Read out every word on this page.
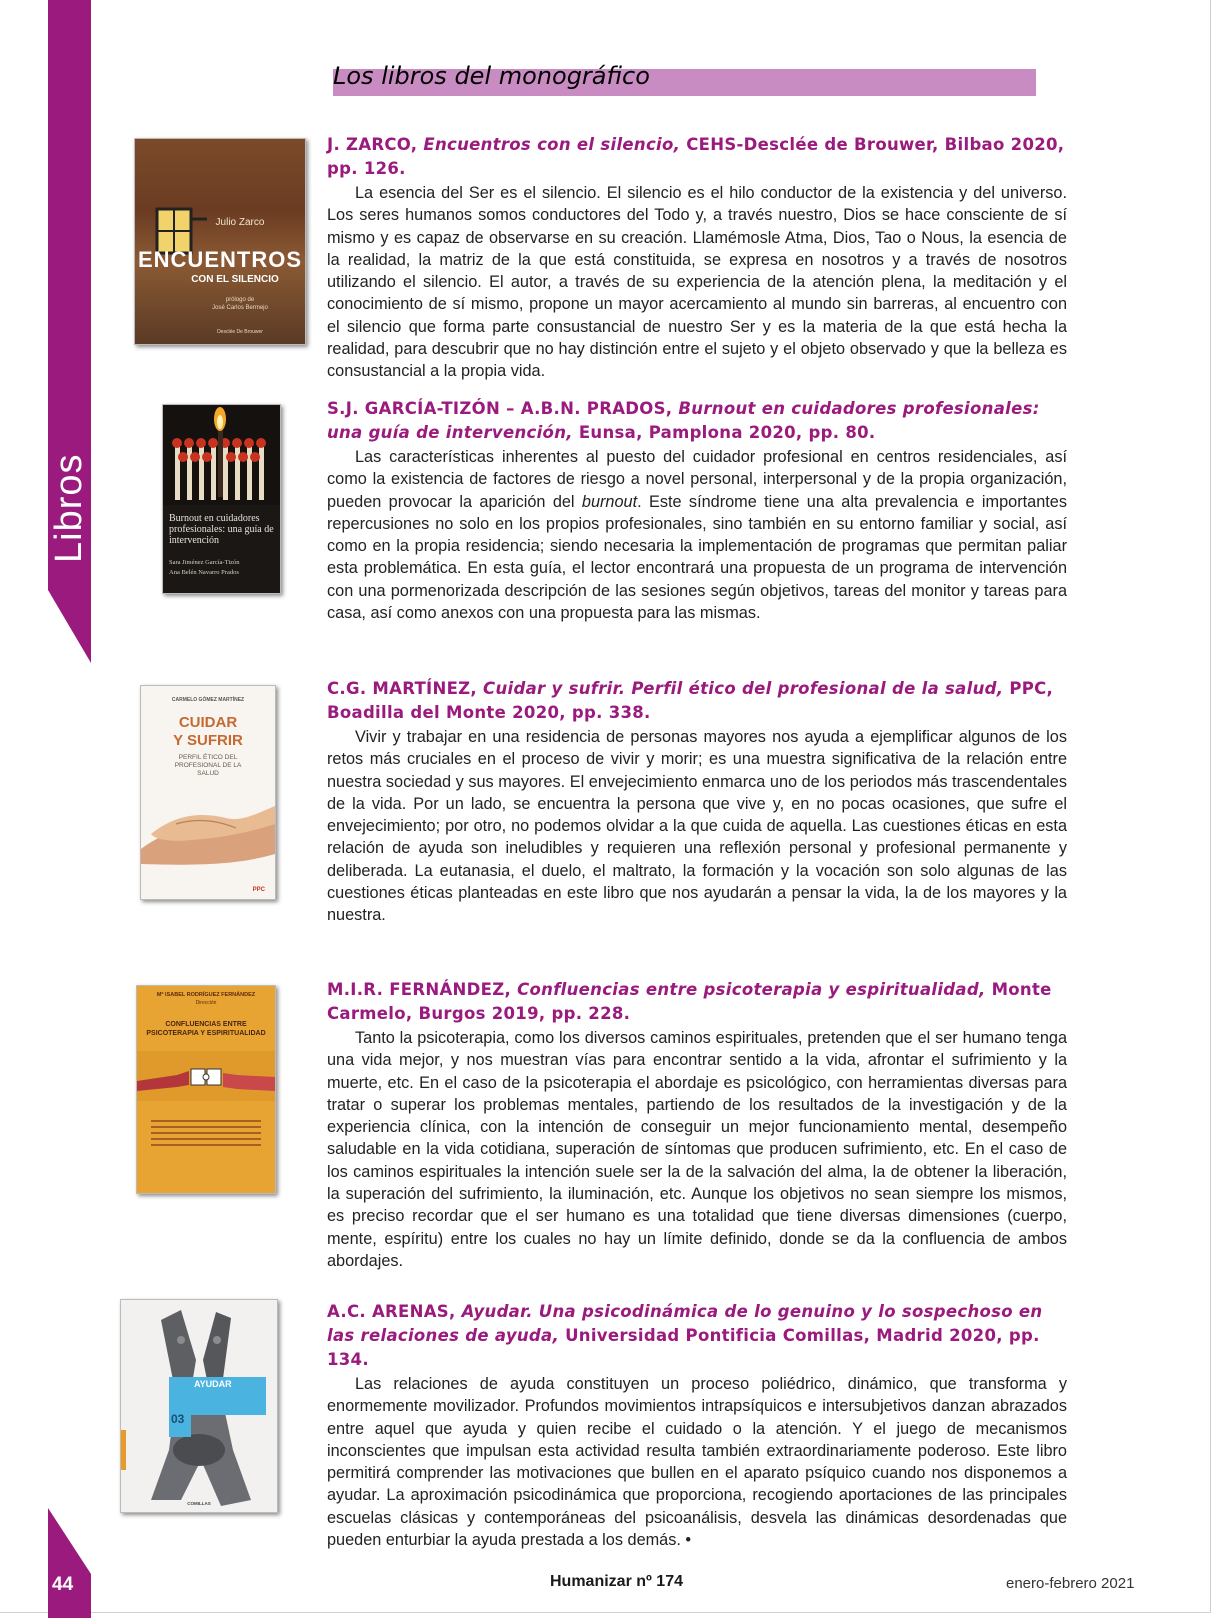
Libros
44
Los libros del monográfico
Julio Zarco
ENCUENTROS
CON EL SILENCIO
prólogo de
José Carlos Bermejo
Desclée De Brouwer
Burnout en cuidadores profesionales: una guía de intervención
Sara Jiménez García-Tizón
Ana Belén Navarro Prados
CARMELO GÓMEZ MARTÍNEZ
CUIDAR
Y SUFRIR
PERFIL ÉTICO DEL PROFESIONAL DE LA SALUD
PPC
Mª ISABEL RODRÍGUEZ FERNÁNDEZ
Dirección
CONFLUENCIAS ENTRE
PSICOTERAPIA Y ESPIRITUALIDAD
AYUDAR
03
COMILLAS

J. ZARCO, Encuentros con el silencio, CEHS-Desclée de Brouwer, Bilbao 2020, pp. 126.

La esencia del Ser es el silencio. El silencio es el hilo conductor de la existencia y del universo. Los seres humanos somos conductores del Todo y, a través nuestro, Dios se hace consciente de sí mismo y es capaz de observarse en su creación. Llamémosle Atma, Dios, Tao o Nous, la esencia de la realidad, la matriz de la que está constituida, se expresa en nosotros y a través de nosotros utilizando el silencio. El autor, a través de su experiencia de la atención plena, la meditación y el conocimiento de sí mismo, propone un mayor acercamiento al mundo sin barreras, al encuentro con el silencio que forma parte consustancial de nuestro Ser y es la materia de la que está hecha la realidad, para descubrir que no hay distinción entre el sujeto y el objeto observado y que la belleza es consustancial a la propia vida.

S.J. GARCÍA-TIZÓN – A.B.N. PRADOS, Burnout en cuidadores profesionales: una guía de intervención, Eunsa, Pamplona 2020, pp. 80.

Las características inherentes al puesto del cuidador profesional en centros residenciales, así como la existencia de factores de riesgo a novel personal, interpersonal y de la propia organización, pueden provocar la aparición del burnout. Este síndrome tiene una alta prevalencia e importantes repercusiones no solo en los propios profesionales, sino también en su entorno familiar y social, así como en la propia residencia; siendo necesaria la implementación de programas que permitan paliar esta problemática. En esta guía, el lector encontrará una propuesta de un programa de intervención con una pormenorizada descripción de las sesiones según objetivos, tareas del monitor y tareas para casa, así como anexos con una propuesta para las mismas.

C.G. MARTÍNEZ, Cuidar y sufrir. Perfil ético del profesional de la salud, PPC, Boadilla del Monte 2020, pp. 338.

Vivir y trabajar en una residencia de personas mayores nos ayuda a ejemplificar algunos de los retos más cruciales en el proceso de vivir y morir; es una muestra significativa de la relación entre nuestra sociedad y sus mayores. El envejecimiento enmarca uno de los periodos más trascendentales de la vida. Por un lado, se encuentra la persona que vive y, en no pocas ocasiones, que sufre el envejecimiento; por otro, no podemos olvidar a la que cuida de aquella. Las cuestiones éticas en esta relación de ayuda son ineludibles y requieren una reflexión personal y profesional permanente y deliberada. La eutanasia, el duelo, el maltrato, la formación y la vocación son solo algunas de las cuestiones éticas planteadas en este libro que nos ayudarán a pensar la vida, la de los mayores y la nuestra.

M.I.R. FERNÁNDEZ, Confluencias entre psicoterapia y espiritualidad, Monte Carmelo, Burgos 2019, pp. 228.

Tanto la psicoterapia, como los diversos caminos espirituales, pretenden que el ser humano tenga una vida mejor, y nos muestran vías para encontrar sentido a la vida, afrontar el sufrimiento y la muerte, etc. En el caso de la psicoterapia el abordaje es psicológico, con herramientas diversas para tratar o superar los problemas mentales, partiendo de los resultados de la investigación y de la experiencia clínica, con la intención de conseguir un mejor funcionamiento mental, desempeño saludable en la vida cotidiana, superación de síntomas que producen sufrimiento, etc. En el caso de los caminos espirituales la intención suele ser la de la salvación del alma, la de obtener la liberación, la superación del sufrimiento, la iluminación, etc. Aunque los objetivos no sean siempre los mismos, es preciso recordar que el ser humano es una totalidad que tiene diversas dimensiones (cuerpo, mente, espíritu) entre los cuales no hay un límite definido, donde se da la confluencia de ambos abordajes.

A.C. ARENAS, Ayudar. Una psicodinámica de lo genuino y lo sospechoso en las relaciones de ayuda, Universidad Pontificia Comillas, Madrid 2020, pp. 134.

Las relaciones de ayuda constituyen un proceso poliédrico, dinámico, que transforma y enormemente movilizador. Profundos movimientos intrapsíquicos e intersubjetivos danzan abrazados entre aquel que ayuda y quien recibe el cuidado o la atención. Y el juego de mecanismos inconscientes que impulsan esta actividad resulta también extraordinariamente poderoso. Este libro permitirá comprender las motivaciones que bullen en el aparato psíquico cuando nos disponemos a ayudar. La aproximación psicodinámica que proporciona, recogiendo aportaciones de las principales escuelas clásicas y contemporáneas del psicoanálisis, desvela las dinámicas desordenadas que pueden enturbiar la ayuda prestada a los demás. •

Humanizar nº 174	enero-febrero 2021
